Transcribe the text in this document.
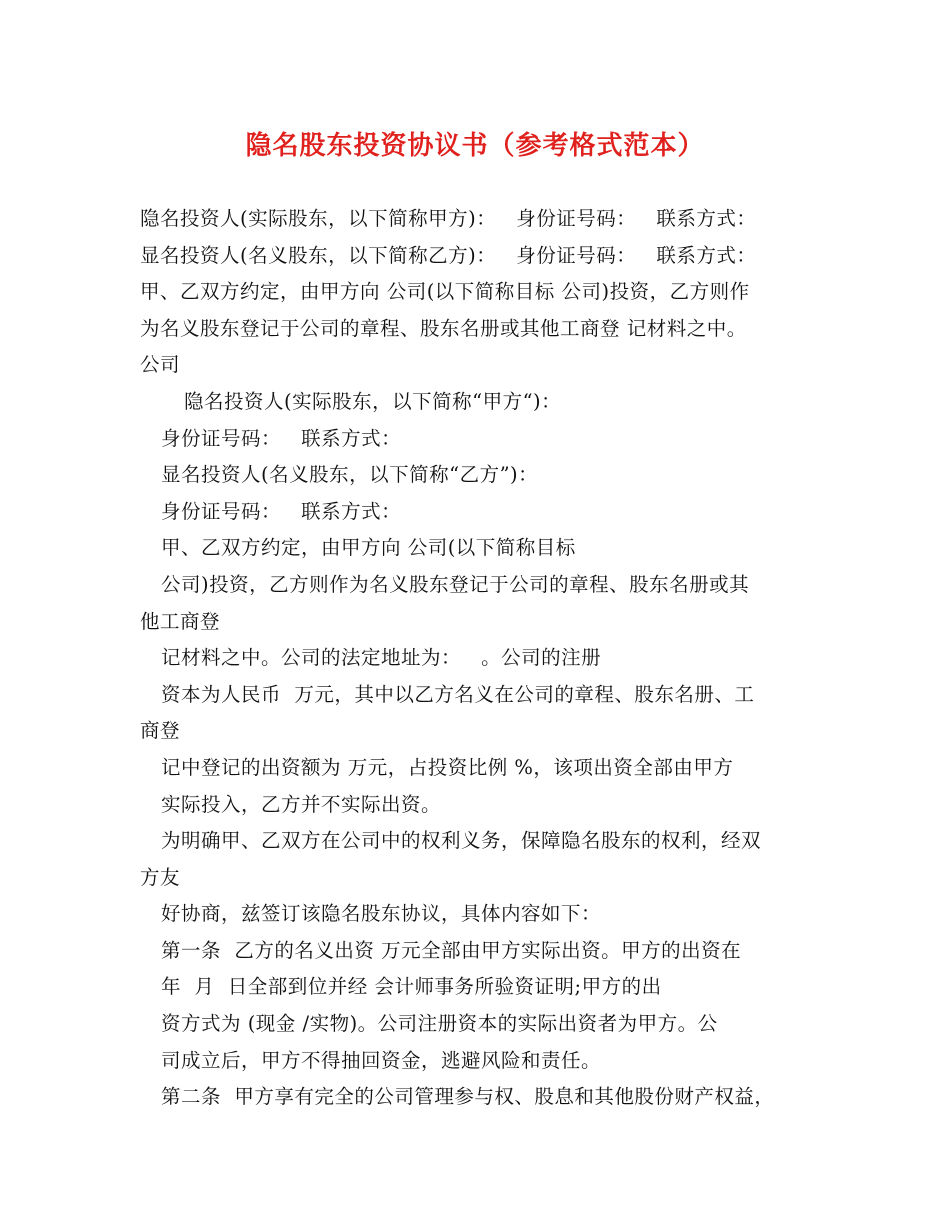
隐名股东投资协议书（参考格式范本）
隐名投资人(实际股东，以下简称甲方)：   身份证号码：   联系方式：
显名投资人(名义股东，以下简称乙方)：   身份证号码：   联系方式：
甲、乙双方约定，由甲方向 公司(以下简称目标 公司)投资，乙方则作
为名义股东登记于公司的章程、股东名册或其他工商登 记材料之中。
公司
隐名投资人(实际股东，以下简称“甲方“)：
身份证号码：   联系方式：
显名投资人(名义股东，以下简称“乙方”)：
身份证号码：   联系方式：
甲、乙双方约定，由甲方向 公司(以下简称目标
公司)投资，乙方则作为名义股东登记于公司的章程、股东名册或其
他工商登
记材料之中。公司的法定地址为：   。公司的注册
资本为人民币  万元，其中以乙方名义在公司的章程、股东名册、工
商登
记中登记的出资额为 万元，占投资比例 %，该项出资全部由甲方
实际投入，乙方并不实际出资。
为明确甲、乙双方在公司中的权利义务，保障隐名股东的权利，经双
方友
好协商，兹签订该隐名股东协议，具体内容如下：
第一条  乙方的名义出资 万元全部由甲方实际出资。甲方的出资在
年  月  日全部到位并经 会计师事务所验资证明;甲方的出
资方式为 (现金 /实物)。公司注册资本的实际出资者为甲方。公
司成立后，甲方不得抽回资金，逃避风险和责任。
第二条  甲方享有完全的公司管理参与权、股息和其他股份财产权益，
